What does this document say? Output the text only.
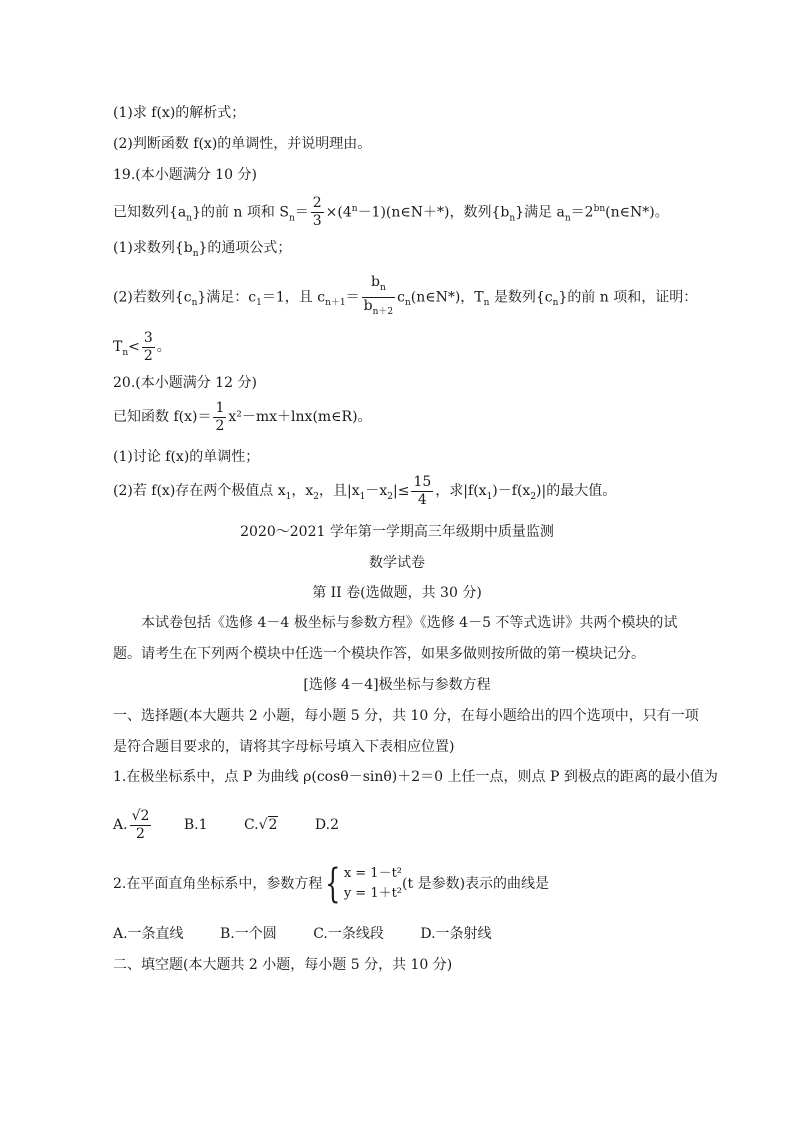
(1)求 f(x)的解析式；
(2)判断函数 f(x)的单调性，并说明理由。
19.(本小题满分 10 分)
已知数列$\{a_n\}$的前 n 项和 $S_n= \frac{2}{3}$ $\times(4^n-1)(n\in N+*)$，数列$\{b_n\}$满足 $a_n=2^{bn}(n\in N*)$。
(1)求数列$\{b_n\}$的通项公式；
(2)若数列$\{c_n\}$满足：$c_1=1$，且 $c_{n+1}= \frac{b_n}{b_{n+2}}$ $c_n(n\in N*)$，$T_n$ 是数列$\{c_n\}$的前 n 项和，证明：
$T_n< \frac{3}{2}$ 。
20.(本小题满分 12 分)
已知函数 $f(x)= \frac{1}{2}$ x²－mx＋lnx(m∈R)。
(1)讨论 f(x)的单调性；
(2)若 f(x)存在两个极值点 $x_1$，$x_2$，且$|x_1-x_2|\le \frac{15}{4}$ ，求$|f(x_1)-f(x_2)|$的最大值。
2020～2021 学年第一学期高三年级期中质量监测
数学试卷
第 II 卷(选做题，共 30 分)
本试卷包括《选修 4－4 极坐标与参数方程》《选修 4－5 不等式选讲》共两个模块的试
题。请考生在下列两个模块中任选一个模块作答，如果多做则按所做的第一模块记分。
[选修 4－4]极坐标与参数方程
一、选择题(本大题共 2 小题，每小题 5 分，共 10 分，在每小题给出的四个选项中，只有一项
是符合题目要求的，请将其字母标号填入下表相应位置)
1.在极坐标系中，点 P 为曲线 ρ(cosθ－sinθ)＋2＝0 上任一点，则点 P 到极点的距离的最小值为
A. $\frac{√2}{2} B.1$	C.√2	D.2
2.在平面直角坐标系中，参数方程{ x = 1－t²
y = 1＋t²
(t 是参数)表示的曲线是
A.一条直线	B.一个圆	C.一条线段	D.一条射线
二、填空题(本大题共 2 小题，每小题 5 分，共 10 分)
